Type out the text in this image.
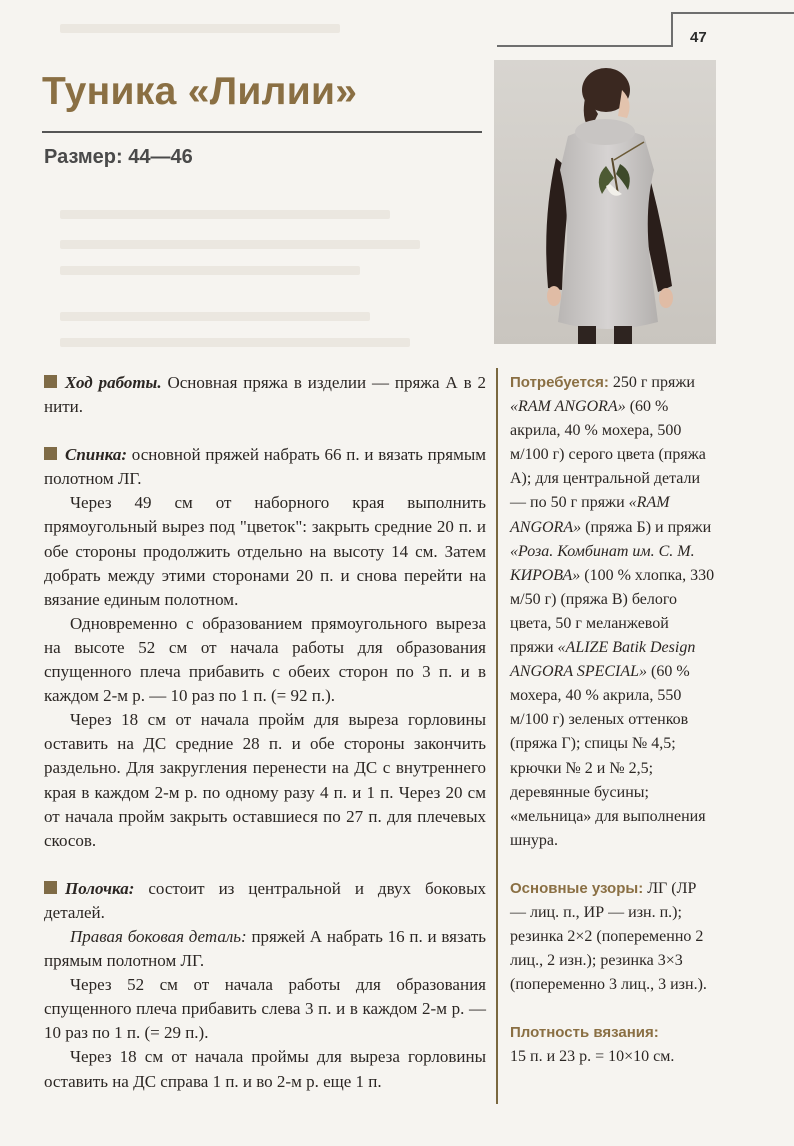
47
Туника «Лилии»
Размер: 44—46

Ход работы. Основная пряжа в изделии — пряжа А в 2 нити.

Спинка: основной пряжей набрать 66 п. и вязать прямым полотном ЛГ.

Через 49 см от наборного края выполнить прямоугольный вырез под "цветок": закрыть средние 20 п. и обе стороны продолжить отдельно на высоту 14 см. Затем добрать между этими сторонами 20 п. и снова перейти на вязание единым полотном.

Одновременно с образованием прямоугольного выреза на высоте 52 см от начала работы для образования спущенного плеча прибавить с обеих сторон по 3 п. и в каждом 2-м р. — 10 раз по 1 п. (= 92 п.).

Через 18 см от начала пройм для выреза горловины оставить на ДС средние 28 п. и обе стороны закончить раздельно. Для закругления перенести на ДС с внутреннего края в каждом 2-м р. по одному разу 4 п. и 1 п. Через 20 см от начала пройм закрыть оставшиеся по 27 п. для плечевых скосов.

Полочка: состоит из центральной и двух боковых деталей.

Правая боковая деталь: пряжей А набрать 16 п. и вязать прямым полотном ЛГ.

Через 52 см от начала работы для образования спущенного плеча прибавить слева 3 п. и в каждом 2-м р. — 10 раз по 1 п. (= 29 п.).

Через 18 см от начала проймы для выреза горловины оставить на ДС справа 1 п. и во 2-м р. еще 1 п.

Потребуется: 250 г пряжи «RAM ANGORA» (60 % акрила, 40 % мохера, 500 м/100 г) серого цвета (пряжа А); для центральной детали — по 50 г пряжи «RAM ANGORA» (пряжа Б) и пряжи «Роза. Комбинат им. С. М. КИРОВА» (100 % хлопка, 330 м/50 г) (пряжа В) белого цвета, 50 г меланжевой пряжи «ALIZE Batik Design ANGORA SPECIAL» (60 % мохера, 40 % акрила, 550 м/100 г) зеленых оттенков (пряжа Г); спицы № 4,5; крючки № 2 и № 2,5; деревянные бусины; «мельница» для выполнения шнура.

Основные узоры: ЛГ (ЛР — лиц. п., ИР — изн. п.); резинка 2×2 (попеременно 2 лиц., 2 изн.); резинка 3×3 (попеременно 3 лиц., 3 изн.).

Плотность вязания:

15 п. и 23 р. = 10×10 см.
